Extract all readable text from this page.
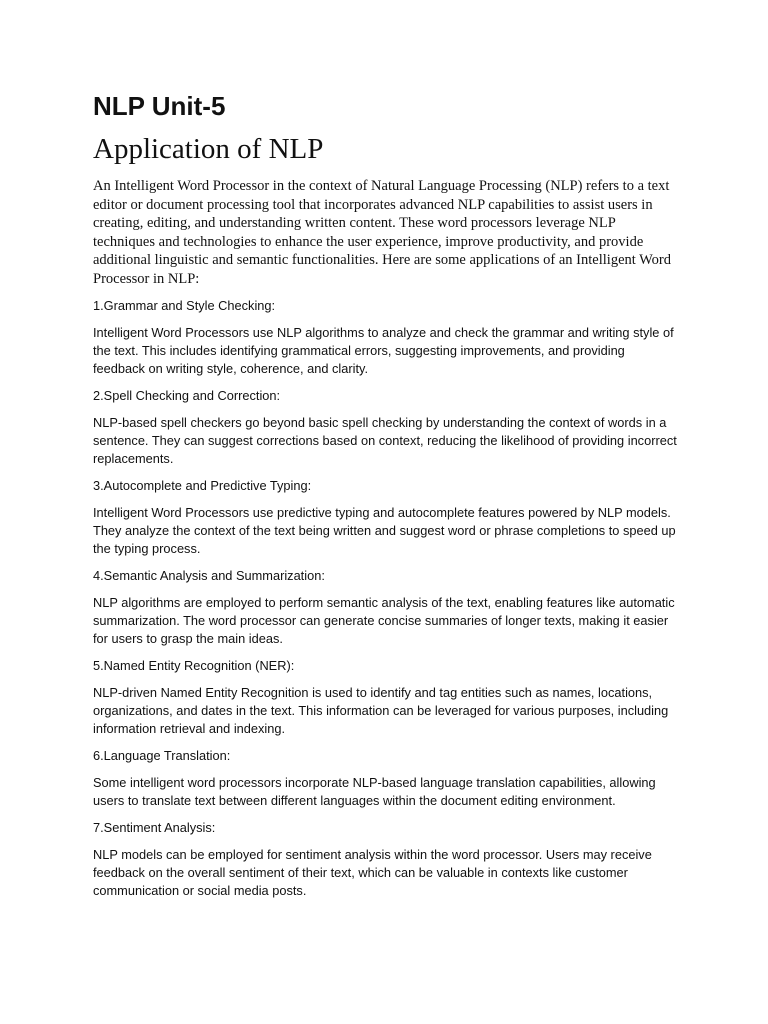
NLP Unit-5
Application of NLP

An Intelligent Word Processor in the context of Natural Language Processing (NLP) refers to a text editor or document processing tool that incorporates advanced NLP capabilities to assist users in creating, editing, and understanding written content. These word processors leverage NLP techniques and technologies to enhance the user experience, improve productivity, and provide additional linguistic and semantic functionalities. Here are some applications of an Intelligent Word Processor in NLP:

1.Grammar and Style Checking:

Intelligent Word Processors use NLP algorithms to analyze and check the grammar and writing style of the text. This includes identifying grammatical errors, suggesting improvements, and providing feedback on writing style, coherence, and clarity.

2.Spell Checking and Correction:

NLP-based spell checkers go beyond basic spell checking by understanding the context of words in a sentence. They can suggest corrections based on context, reducing the likelihood of providing incorrect replacements.

3.Autocomplete and Predictive Typing:

Intelligent Word Processors use predictive typing and autocomplete features powered by NLP models. They analyze the context of the text being written and suggest word or phrase completions to speed up the typing process.

4.Semantic Analysis and Summarization:

NLP algorithms are employed to perform semantic analysis of the text, enabling features like automatic summarization. The word processor can generate concise summaries of longer texts, making it easier for users to grasp the main ideas.

5.Named Entity Recognition (NER):

NLP-driven Named Entity Recognition is used to identify and tag entities such as names, locations, organizations, and dates in the text. This information can be leveraged for various purposes, including information retrieval and indexing.

6.Language Translation:

Some intelligent word processors incorporate NLP-based language translation capabilities, allowing users to translate text between different languages within the document editing environment.

7.Sentiment Analysis:

NLP models can be employed for sentiment analysis within the word processor. Users may receive feedback on the overall sentiment of their text, which can be valuable in contexts like customer communication or social media posts.
